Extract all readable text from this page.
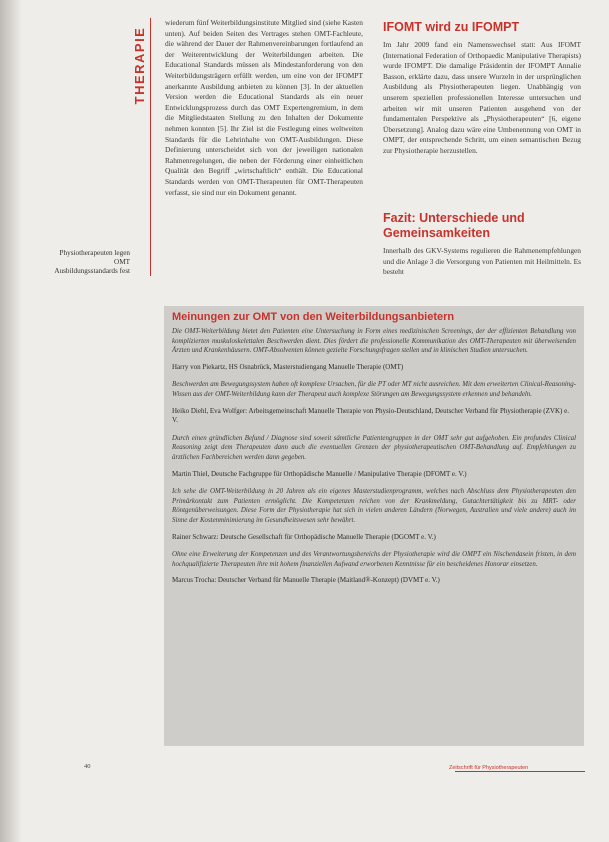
THERAPIE
Physiotherapeuten legen OMT Ausbildungsstandards fest
wiederum fünf Weiterbildungsinstitute Mitglied sind (siehe Kasten unten). Auf beiden Seiten des Vertrages stehen OMT-Fachleute, die während der Dauer der Rahmenvereinbarungen fortlaufend an der Weiterentwicklung der Weiterbildungen arbeiten. Die Educational Standards müssen als Mindestanforderung von den Weiterbildungsträgern erfüllt werden, um eine von der IFOMPT anerkannte Ausbildung anbieten zu können [3]. In der aktuellen Version werden die Educational Standards als ein neuer Entwicklungsprozess durch das OMT Expertengremium, in dem die Mitgliedstaaten Stellung zu den Inhalten der Dokumente nehmen konnten [5]. Ihr Ziel ist die Festlegung eines weltweiten Standards für die Lehrinhalte von OMT-Ausbildungen. Diese Definierung unterscheidet sich von der jeweiligen nationalen Rahmenregelungen, die neben der Förderung einer einheitlichen Qualität den Begriff „wirtschaftlich“ enthält. Die Educational Standards werden von OMT-Therapeuten für OMT-Therapeuten verfasst, sie sind nur ein Dokument genannt.
IFOMT wird zu IFOMPT
Im Jahr 2009 fand ein Namenswechsel statt: Aus IFOMT (International Federation of Orthopaedic Manipulative Therapists) wurde IFOMPT. Die damalige Präsidentin der IFOMPT Annalie Basson, erklärte dazu, dass unsere Wurzeln in der ursprünglichen Ausbildung als Physiotherapeuten liegen. Unabhängig von unserem speziellen professionellen Interesse untersuchen und arbeiten wir mit unseren Patienten ausgehend von der fundamentalen Perspektive als „Physiotherapeuten“ [6, eigene Übersetzung]. Analog dazu wäre eine Umbenennung von OMT in OMPT, der entsprechende Schritt, um einen semantischen Bezug zur Physiotherapie herzustellen.
Fazit: Unterschiede und Gemeinsamkeiten
Innerhalb des GKV-Systems regulieren die Rahmenempfehlungen und die Anlage 3 die Versorgung von Patienten mit Heilmitteln. Es besteht
Meinungen zur OMT von den Weiterbildungsanbietern

Die OMT-Weiterbildung bietet den Patienten eine Untersuchung in Form eines medizinischen Screenings, der der effizienten Behandlung von komplizierten muskuloskelettalen Beschwerden dient. Dies fördert die professionelle Kommunikation des OMT-Therapeuten mit überweisenden Ärzten und Krankenhäusern. OMT-Absolventen können gezielte Forschungsfragen stellen und in klinischen Studien untersuchen.

Harry von Piekartz, HS Osnabrück, Masterstudiengang Manuelle Therapie (OMT)

Beschwerden am Bewegungssystem haben oft komplexe Ursachen, für die PT oder MT nicht ausreichen. Mit dem erweiterten Clinical-Reasoning-Wissen aus der OMT-Weiterbildung kann der Therapeut auch komplexe Störungen am Bewegungssystem erkennen und behandeln.

Heiko Diehl, Eva Wolfger: Arbeitsgemeinschaft Manuelle Therapie von Physio-Deutschland, Deutscher Verband für Physiotherapie (ZVK) e. V.

Durch einen gründlichen Befund / Diagnose sind soweit sämtliche Patientengruppen in der OMT sehr gut aufgehoben. Ein profundes Clinical Reasoning zeigt dem Therapeuten dann auch die eventuellen Grenzen der physiotherapeutischen OMT-Behandlung auf. Empfehlungen zu ärztlichen Fachbereichen werden dann gegeben.

Martin Thiel, Deutsche Fachgruppe für Orthopädische Manuelle / Manipulative Therapie (DFOMT e. V.)

Ich sehe die OMT-Weiterbildung in 20 Jahren als ein eigenes Masterstudienprogramm, welches nach Abschluss dem Physiotherapeuten den Primärkontakt zum Patienten ermöglicht. Die Kompetenzen reichen von der Krankmeldung, Gutachtertätigkeit bis zu MRT- oder Röntgenüberweisungen. Diese Form der Physiotherapie hat sich in vielen anderen Ländern (Norwegen, Australien und viele andere) auch im Sinne der Kostenminimierung im Gesundheitswesen sehr bewährt.

Rainer Schwarz: Deutsche Gesellschaft für Orthopädische Manuelle Therapie (DGOMT e. V.)

Ohne eine Erweiterung der Kompetenzen und des Verantwortungsbereichs der Physiotherapie wird die OMPT ein Nischendasein fristen, in dem hochqualifizierte Therapeuten ihre mit hohem finanziellen Aufwand erworbenen Kenntnisse für ein bescheidenes Honorar einsetzen.

Marcus Trocha: Deutscher Verband für Manuelle Therapie (Maitland®-Konzept) (DVMT e. V.)

40	Zeitschrift für Physiotherapeuten
